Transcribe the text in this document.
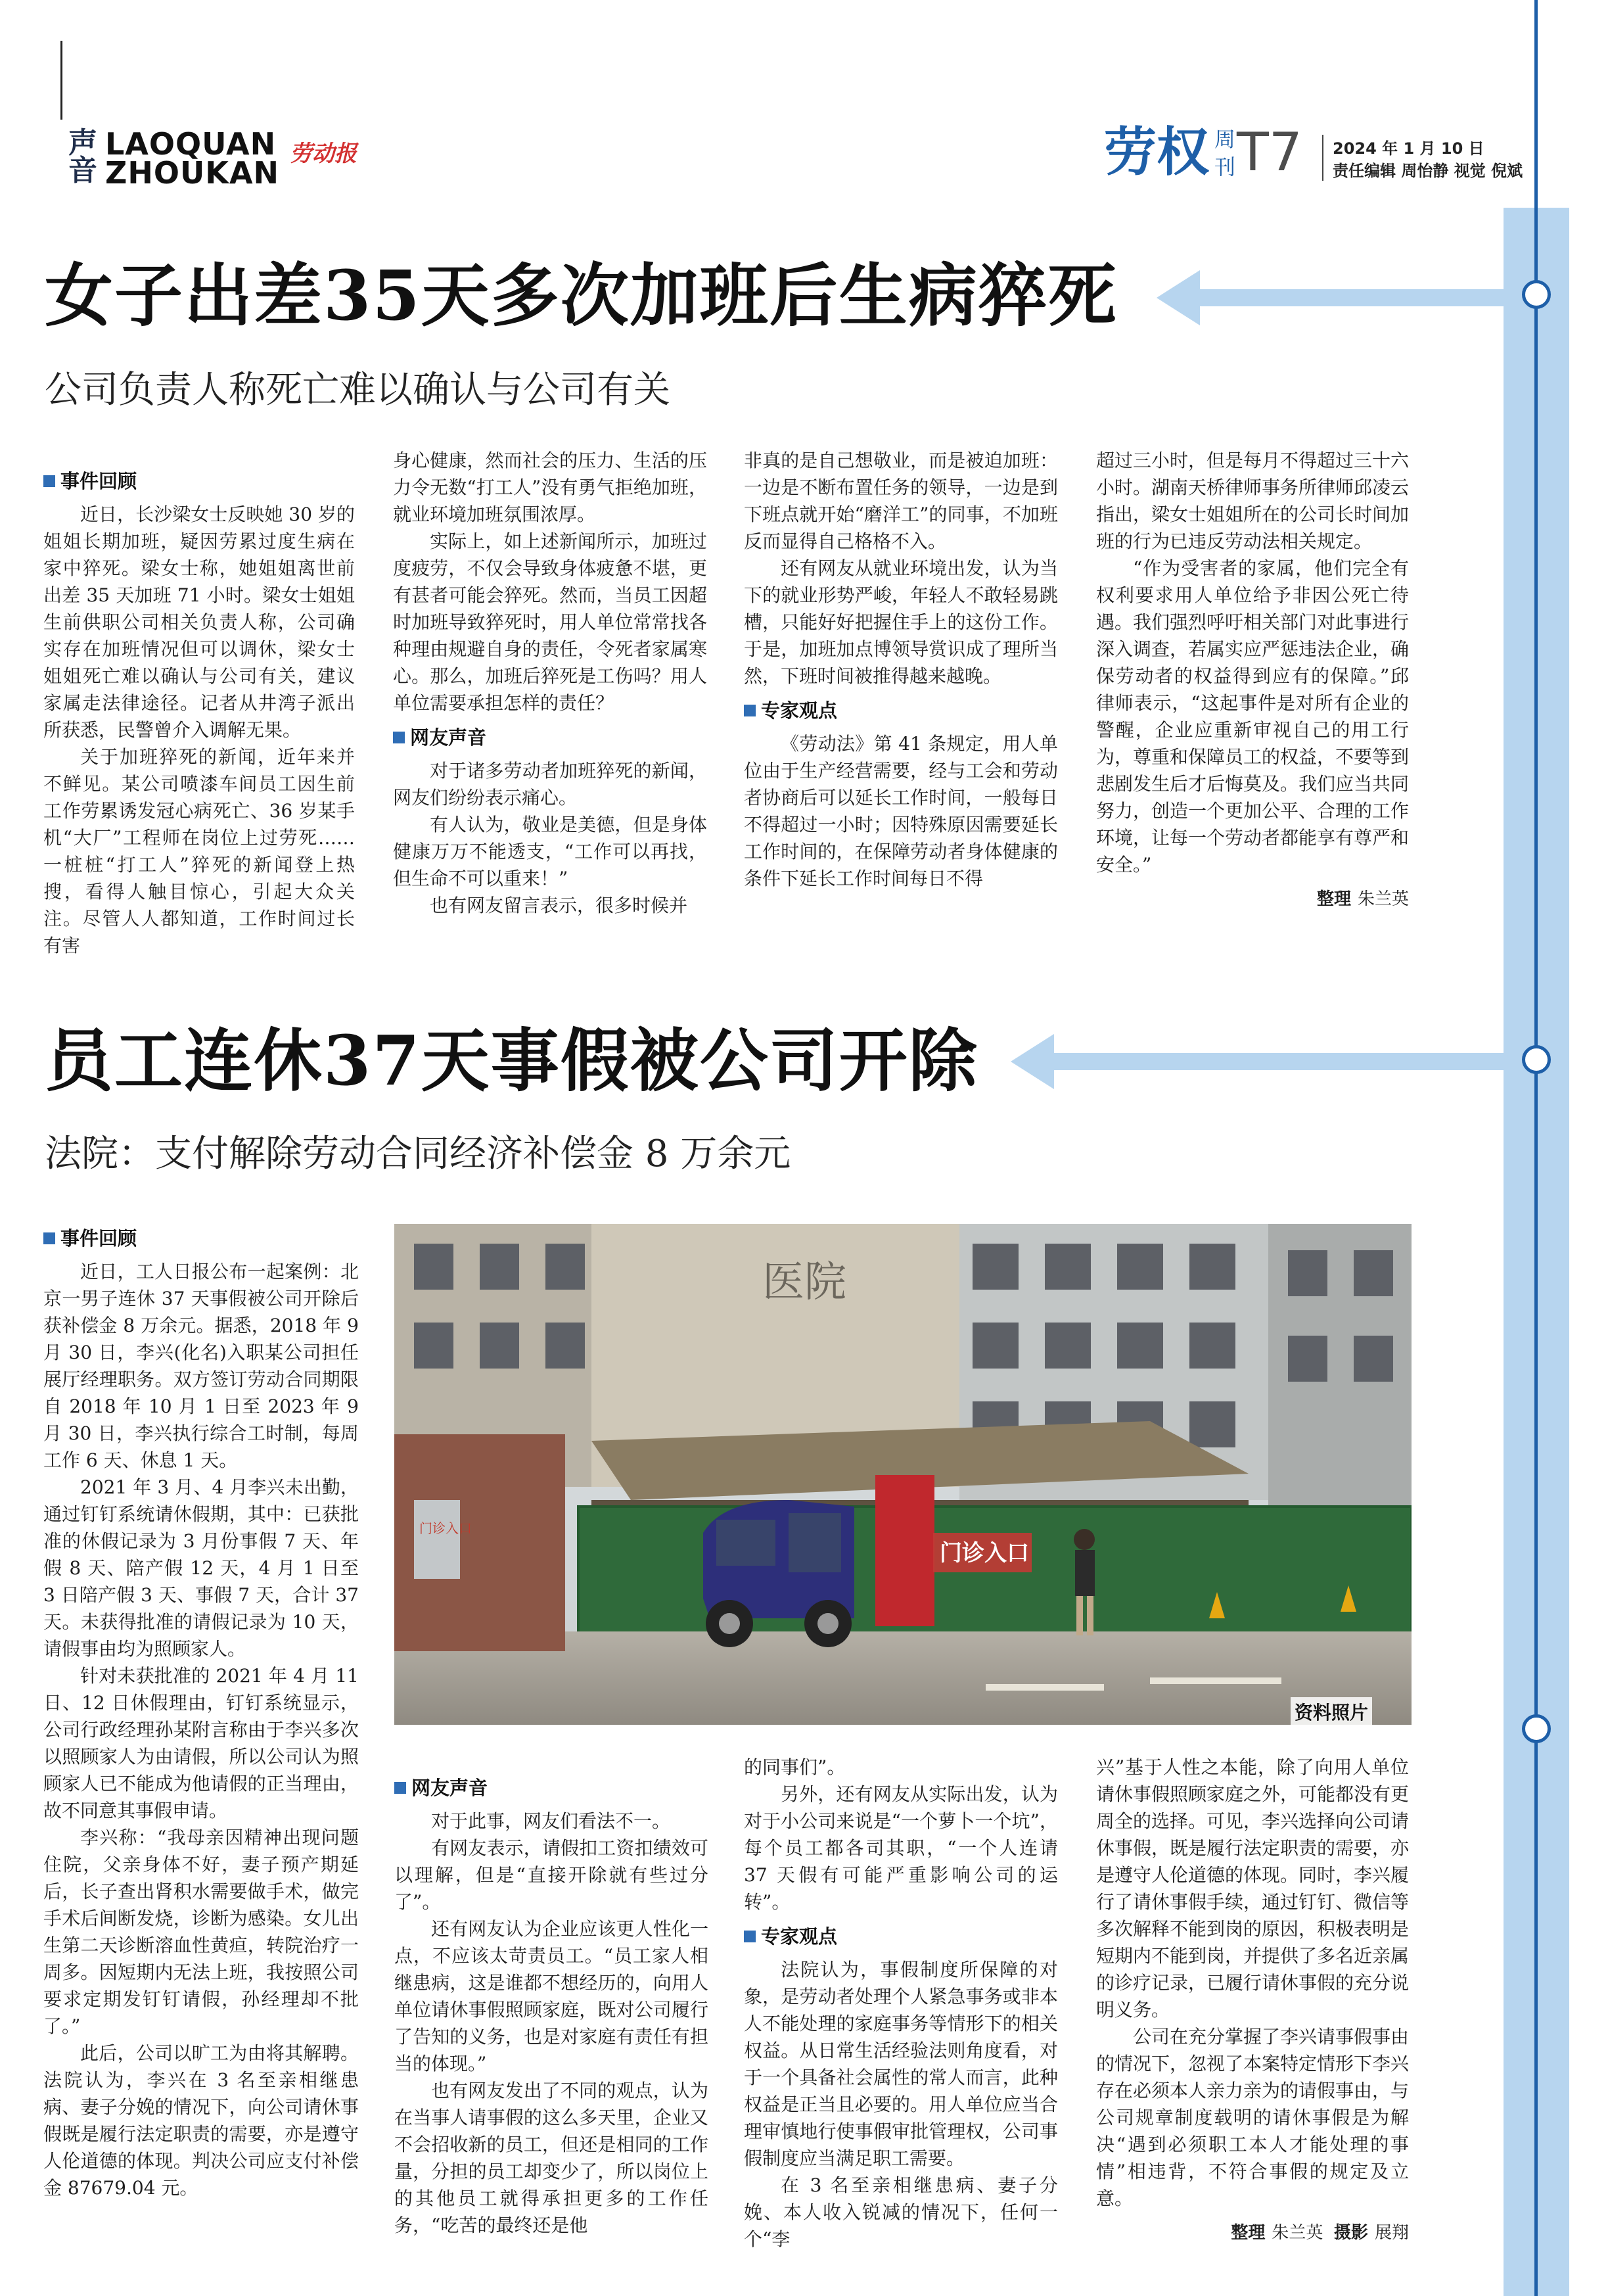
声
音
LAOQUAN
ZHOUKAN
劳动报	劳权 周
刊 T7 2024 年 1 月 10 日
责任编辑 周怡静 视觉 倪斌
女子出差35天多次加班后生病猝死
公司负责人称死亡难以确认与公司有关
事件回顾

近日，长沙梁女士反映她 30 岁的姐姐长期加班，疑因劳累过度生病在家中猝死。梁女士称，她姐姐离世前出差 35 天加班 71 小时。梁女士姐姐生前供职公司相关负责人称，公司确实存在加班情况但可以调休，梁女士姐姐死亡难以确认与公司有关，建议家属走法律途径。记者从井湾子派出所获悉，民警曾介入调解无果。

关于加班猝死的新闻，近年来并不鲜见。某公司喷漆车间员工因生前工作劳累诱发冠心病死亡、36 岁某手机“大厂”工程师在岗位上过劳死……一桩桩“打工人”猝死的新闻登上热搜，看得人触目惊心，引起大众关注。尽管人人都知道，工作时间过长有害

身心健康，然而社会的压力、生活的压力令无数“打工人”没有勇气拒绝加班，就业环境加班氛围浓厚。

实际上，如上述新闻所示，加班过度疲劳，不仅会导致身体疲惫不堪，更有甚者可能会猝死。然而，当员工因超时加班导致猝死时，用人单位常常找各种理由规避自身的责任，令死者家属寒心。那么，加班后猝死是工伤吗？用人单位需要承担怎样的责任？

网友声音

对于诸多劳动者加班猝死的新闻，网友们纷纷表示痛心。

有人认为，敬业是美德，但是身体健康万万不能透支，“工作可以再找，但生命不可以重来！”

也有网友留言表示，很多时候并

非真的是自己想敬业，而是被迫加班：一边是不断布置任务的领导，一边是到下班点就开始“磨洋工”的同事，不加班反而显得自己格格不入。

还有网友从就业环境出发，认为当下的就业形势严峻，年轻人不敢轻易跳槽，只能好好把握住手上的这份工作。于是，加班加点博领导赏识成了理所当然，下班时间被推得越来越晚。

专家观点

《劳动法》第 41 条规定，用人单位由于生产经营需要，经与工会和劳动者协商后可以延长工作时间，一般每日不得超过一小时；因特殊原因需要延长工作时间的，在保障劳动者身体健康的条件下延长工作时间每日不得

超过三小时，但是每月不得超过三十六小时。湖南天桥律师事务所律师邱凌云指出，梁女士姐姐所在的公司长时间加班的行为已违反劳动法相关规定。

“作为受害者的家属，他们完全有权利要求用人单位给予非因公死亡待遇。我们强烈呼吁相关部门对此事进行深入调查，若属实应严惩违法企业，确保劳动者的权益得到应有的保障。”邱律师表示，“这起事件是对所有企业的警醒，企业应重新审视自己的用工行为，尊重和保障员工的权益，不要等到悲剧发生后才后悔莫及。我们应当共同努力，创造一个更加公平、合理的工作环境，让每一个劳动者都能享有尊严和安全。”

整理 朱兰英
员工连休37天事假被公司开除
法院：支付解除劳动合同经济补偿金 8 万余元
医院
门诊入口
门诊入口
资料照片
事件回顾

近日，工人日报公布一起案例：北京一男子连休 37 天事假被公司开除后获补偿金 8 万余元。据悉，2018 年 9 月 30 日，李兴(化名)入职某公司担任展厅经理职务。双方签订劳动合同期限自 2018 年 10 月 1 日至 2023 年 9 月 30 日，李兴执行综合工时制，每周工作 6 天、休息 1 天。

2021 年 3 月、4 月李兴未出勤，通过钉钉系统请休假期，其中：已获批准的休假记录为 3 月份事假 7 天、年假 8 天、陪产假 12 天，4 月 1 日至 3 日陪产假 3 天、事假 7 天，合计 37 天。未获得批准的请假记录为 10 天，请假事由均为照顾家人。

针对未获批准的 2021 年 4 月 11 日、12 日休假理由，钉钉系统显示，公司行政经理孙某附言称由于李兴多次以照顾家人为由请假，所以公司认为照顾家人已不能成为他请假的正当理由，故不同意其事假申请。

李兴称：“我母亲因精神出现问题住院，父亲身体不好，妻子预产期延后，长子查出肾积水需要做手术，做完手术后间断发烧，诊断为感染。女儿出生第二天诊断溶血性黄疸，转院治疗一周多。因短期内无法上班，我按照公司要求定期发钉钉请假，孙经理却不批了。”

此后，公司以旷工为由将其解聘。法院认为，李兴在 3 名至亲相继患病、妻子分娩的情况下，向公司请休事假既是履行法定职责的需要，亦是遵守人伦道德的体现。判决公司应支付补偿金 87679.04 元。

网友声音

对于此事，网友们看法不一。

有网友表示，请假扣工资扣绩效可以理解，但是“直接开除就有些过分了”。

还有网友认为企业应该更人性化一点，不应该太苛责员工。“员工家人相继患病，这是谁都不想经历的，向用人单位请休事假照顾家庭，既对公司履行了告知的义务，也是对家庭有责任有担当的体现。”

也有网友发出了不同的观点，认为在当事人请事假的这么多天里，企业又不会招收新的员工，但还是相同的工作量，分担的员工却变少了，所以岗位上的其他员工就得承担更多的工作任务，“吃苦的最终还是他

的同事们”。

另外，还有网友从实际出发，认为对于小公司来说是“一个萝卜一个坑”，每个员工都各司其职，“一个人连请 37 天假有可能严重影响公司的运转”。

专家观点

法院认为，事假制度所保障的对象，是劳动者处理个人紧急事务或非本人不能处理的家庭事务等情形下的相关权益。从日常生活经验法则角度看，对于一个具备社会属性的常人而言，此种权益是正当且必要的。用人单位应当合理审慎地行使事假审批管理权，公司事假制度应当满足职工需要。

在 3 名至亲相继患病、妻子分娩、本人收入锐减的情况下，任何一个“李

兴”基于人性之本能，除了向用人单位请休事假照顾家庭之外，可能都没有更周全的选择。可见，李兴选择向公司请休事假，既是履行法定职责的需要，亦是遵守人伦道德的体现。同时，李兴履行了请休事假手续，通过钉钉、微信等多次解释不能到岗的原因，积极表明是短期内不能到岗，并提供了多名近亲属的诊疗记录，已履行请休事假的充分说明义务。

公司在充分掌握了李兴请事假事由的情况下，忽视了本案特定情形下李兴存在必须本人亲力亲为的请假事由，与公司规章制度载明的请休事假是为解决“遇到必须职工本人才能处理的事情”相违背，不符合事假的规定及立意。

整理 朱兰英 摄影 展翔
